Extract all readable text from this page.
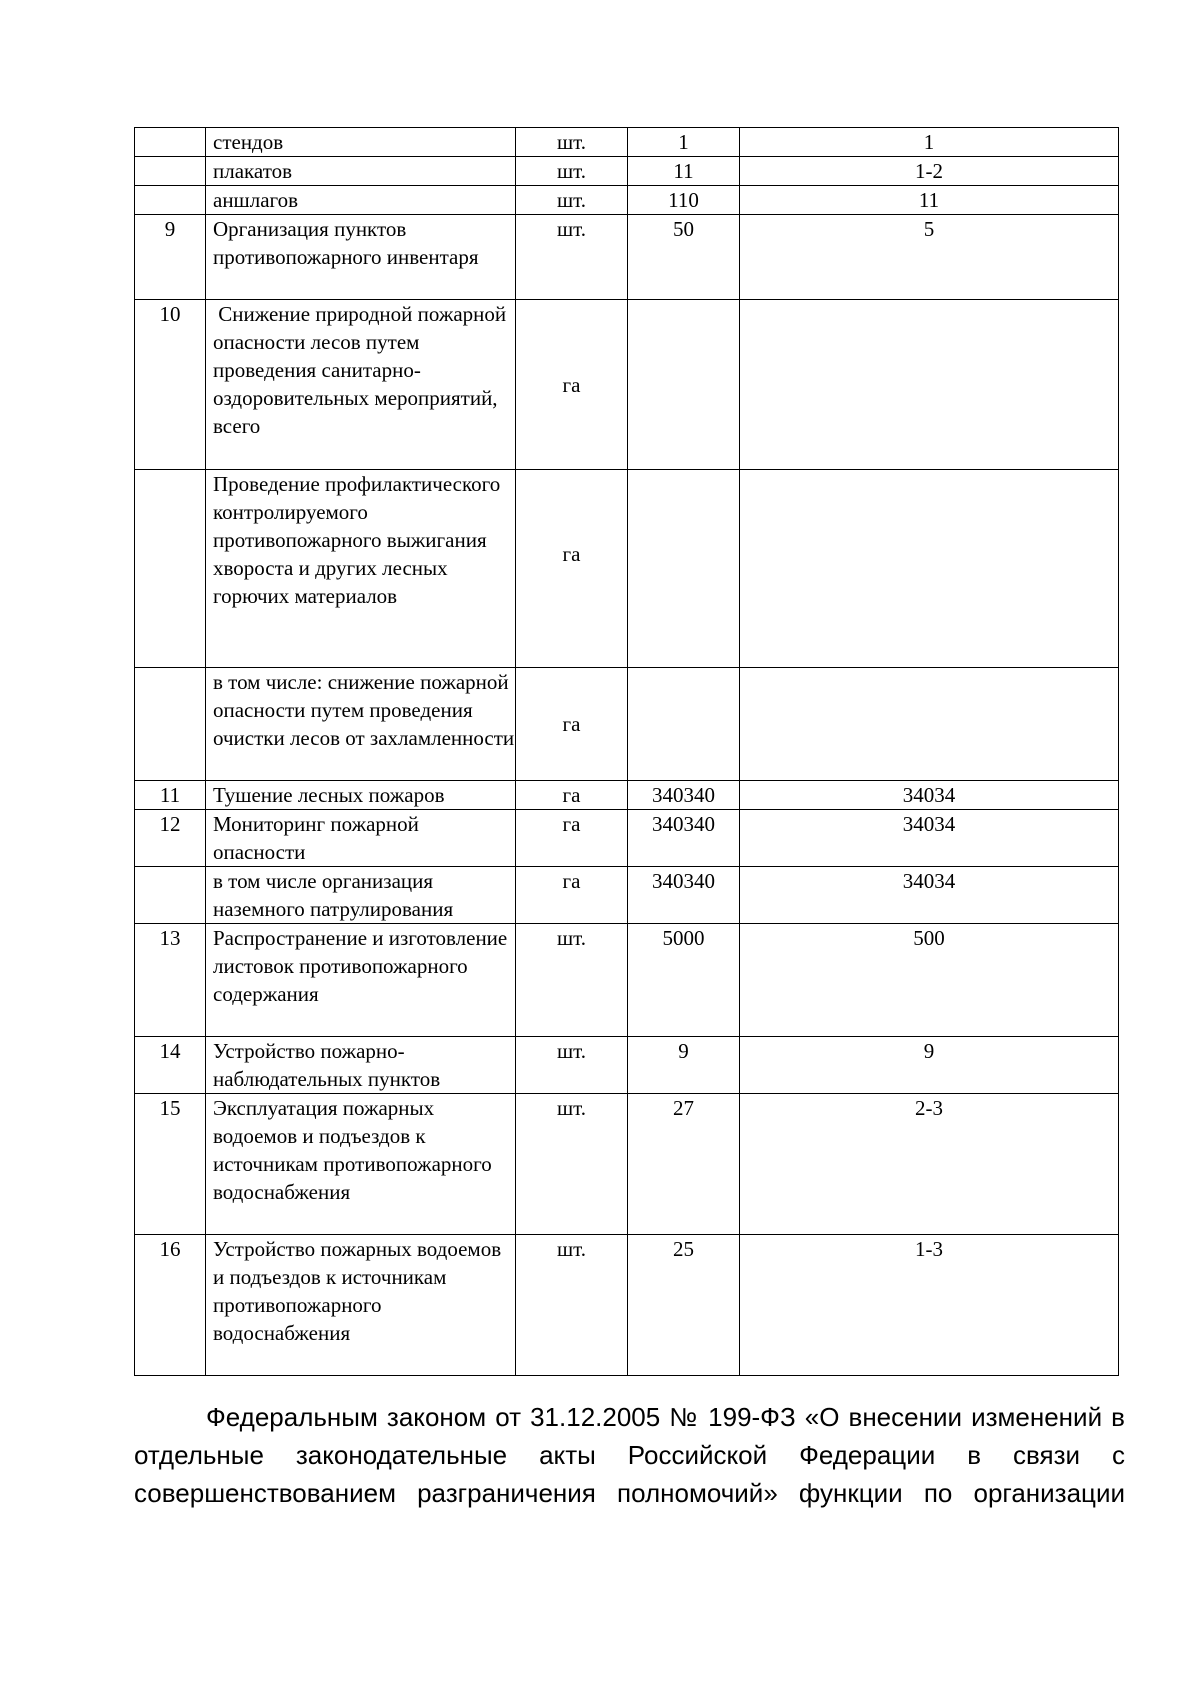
	стендов	шт.	1	1
	плакатов	шт.	11	1-2
	аншлагов	шт.	110	11
9	Организация пунктов противопожарного инвентаря	шт.	50	5
10	Снижение природной пожарной опасности лесов путем проведения санитарно-оздоровительных мероприятий, всего	га		
	Проведение профилактического контролируемого противопожарного выжигания хвороста и других лесных горючих материалов	га		
	в том числе: снижение пожарной опасности путем проведения очистки лесов от захламленности	га		
11	Тушение лесных пожаров	га	340340	34034
12	Мониторинг пожарной опасности	га	340340	34034
	в том числе организация наземного патрулирования	га	340340	34034
13	Распространение и изготовление листовок противопожарного содержания	шт.	5000	500
14	Устройство пожарно-наблюдательных пунктов	шт.	9	9
15	Эксплуатация пожарных водоемов и подъездов к источникам противопожарного водоснабжения	шт.	27	2-3
16	Устройство пожарных водоемов и подъездов к источникам противопожарного водоснабжения	шт.	25	1-3
Федеральным законом от 31.12.2005 № 199-ФЗ «О внесении изменений в
отдельные законодательные акты Российской Федерации в связи с
совершенствованием разграничения полномочий» функции по организации
